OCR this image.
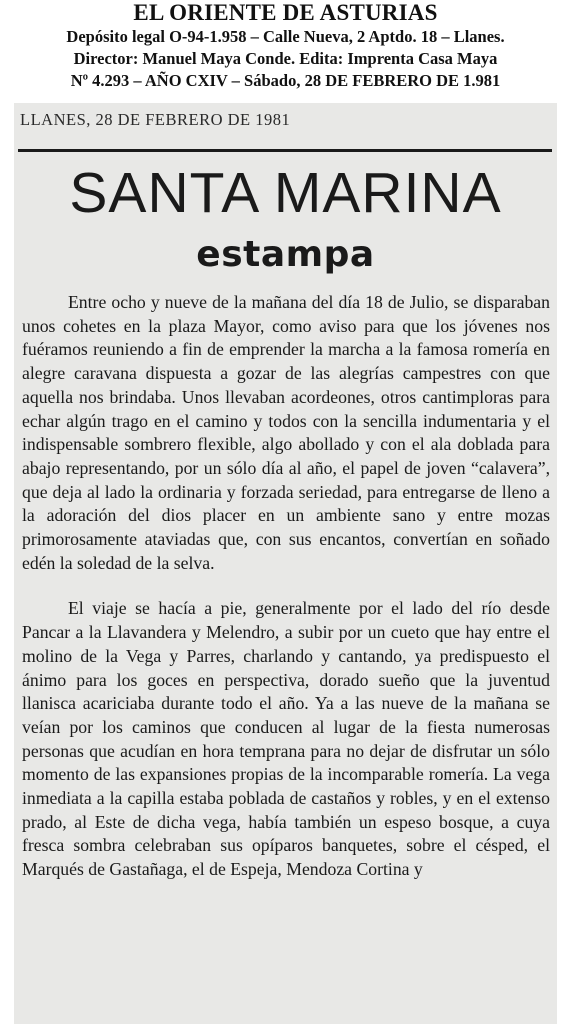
EL ORIENTE DE ASTURIAS
Depósito legal O-94-1.958 – Calle Nueva, 2 Aptdo. 18 – Llanes.
Director: Manuel Maya Conde. Edita: Imprenta Casa Maya
Nº 4.293 – AÑO CXIV – Sábado, 28 DE FEBRERO DE 1.981
LLANES, 28 DE FEBRERO DE 1981
SANTA MARINA
estampa

Entre ocho y nueve de la mañana del día 18 de Julio, se disparaban unos cohetes en la plaza Mayor, como aviso para que los jóvenes nos fuéramos reuniendo a fin de emprender la marcha a la famosa romería en alegre caravana dispuesta a gozar de las alegrías campestres con que aquella nos brindaba. Unos llevaban acordeones, otros cantimploras para echar algún trago en el camino y todos con la sencilla indumentaria y el indispensable sombrero flexible, algo abollado y con el ala doblada para abajo representando, por un sólo día al año, el papel de joven “calavera”, que deja al lado la ordinaria y forzada seriedad, para entregarse de lleno a la adoración del dios placer en un ambiente sano y entre mozas primorosamente ataviadas que, con sus encantos, convertían en soñado edén la soledad de la selva.

El viaje se hacía a pie, generalmente por el lado del río desde Pancar a la Llavandera y Melendro, a subir por un cueto que hay entre el molino de la Vega y Parres, charlando y cantando, ya predispuesto el ánimo para los goces en perspectiva, dorado sueño que la juventud llanisca acariciaba durante todo el año. Ya a las nueve de la mañana se veían por los caminos que conducen al lugar de la fiesta numerosas personas que acudían en hora temprana para no dejar de disfrutar un sólo momento de las expansiones propias de la incomparable romería. La vega inmediata a la capilla estaba poblada de castaños y robles, y en el extenso prado, al Este de dicha vega, había también un espeso bosque, a cuya fresca sombra celebraban sus opíparos banquetes, sobre el césped, el Marqués de Gastañaga, el de Espeja, Mendoza Cortina y
